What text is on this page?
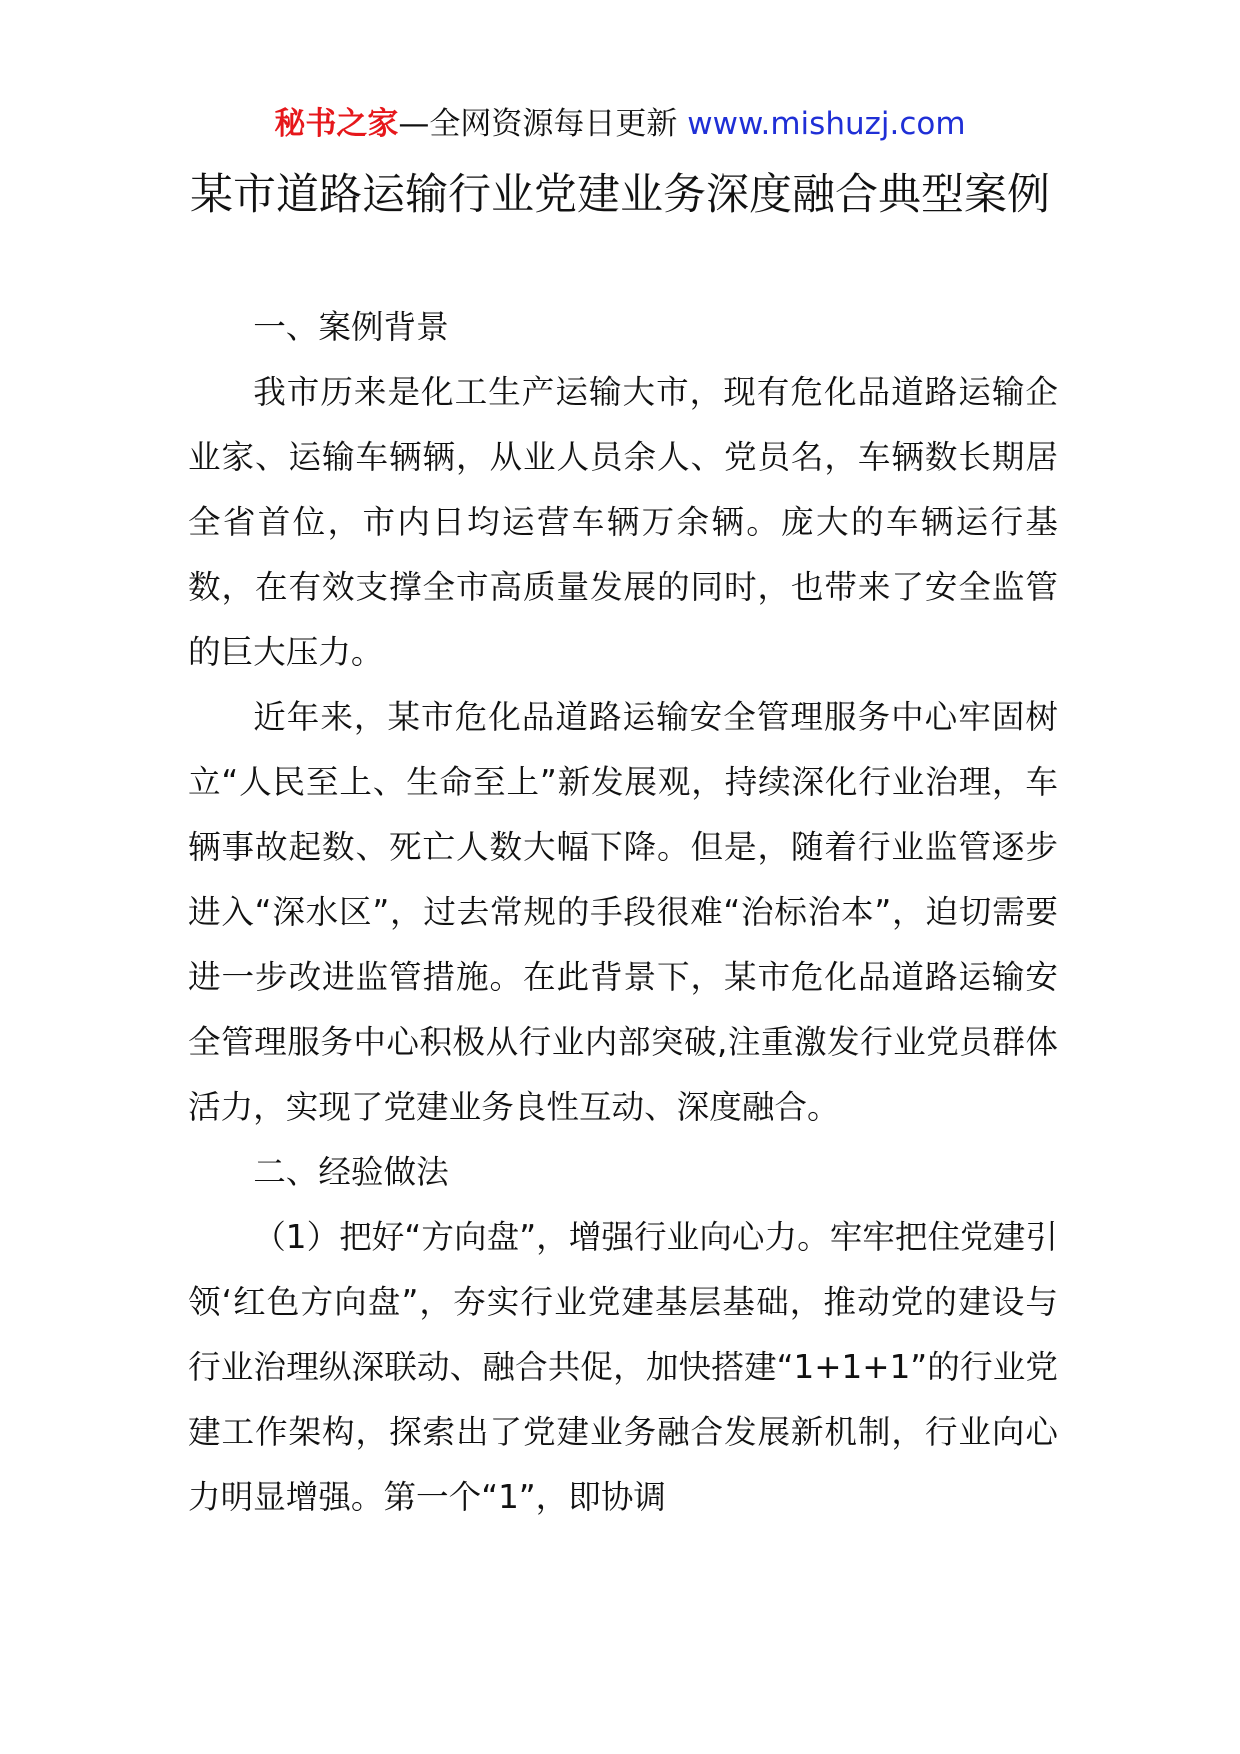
秘书之家—全网资源每日更新 www.mishuzj.com
某市道路运输行业党建业务深度融合典型案例

一、案例背景

我市历来是化工生产运输大市，现有危化品道路运输企业家、运输车辆辆，从业人员余人、党员名，车辆数长期居全省首位，市内日均运营车辆万余辆。庞大的车辆运行基数，在有效支撑全市高质量发展的同时，也带来了安全监管的巨大压力。

近年来，某市危化品道路运输安全管理服务中心牢固树立“人民至上、生命至上”新发展观，持续深化行业治理，车辆事故起数、死亡人数大幅下降。但是，随着行业监管逐步进入“深水区”，过去常规的手段很难“治标治本”，迫切需要进一步改进监管措施。在此背景下，某市危化品道路运输安全管理服务中心积极从行业内部突破,注重激发行业党员群体活力，实现了党建业务良性互动、深度融合。

二、经验做法

（1）把好“方向盘”，增强行业向心力。牢牢把住党建引领‘红色方向盘”，夯实行业党建基层基础，推动党的建设与行业治理纵深联动、融合共促，加快搭建“1+1+1”的行业党建工作架构，探索出了党建业务融合发展新机制，行业向心力明显增强。第一个“1”，即协调
